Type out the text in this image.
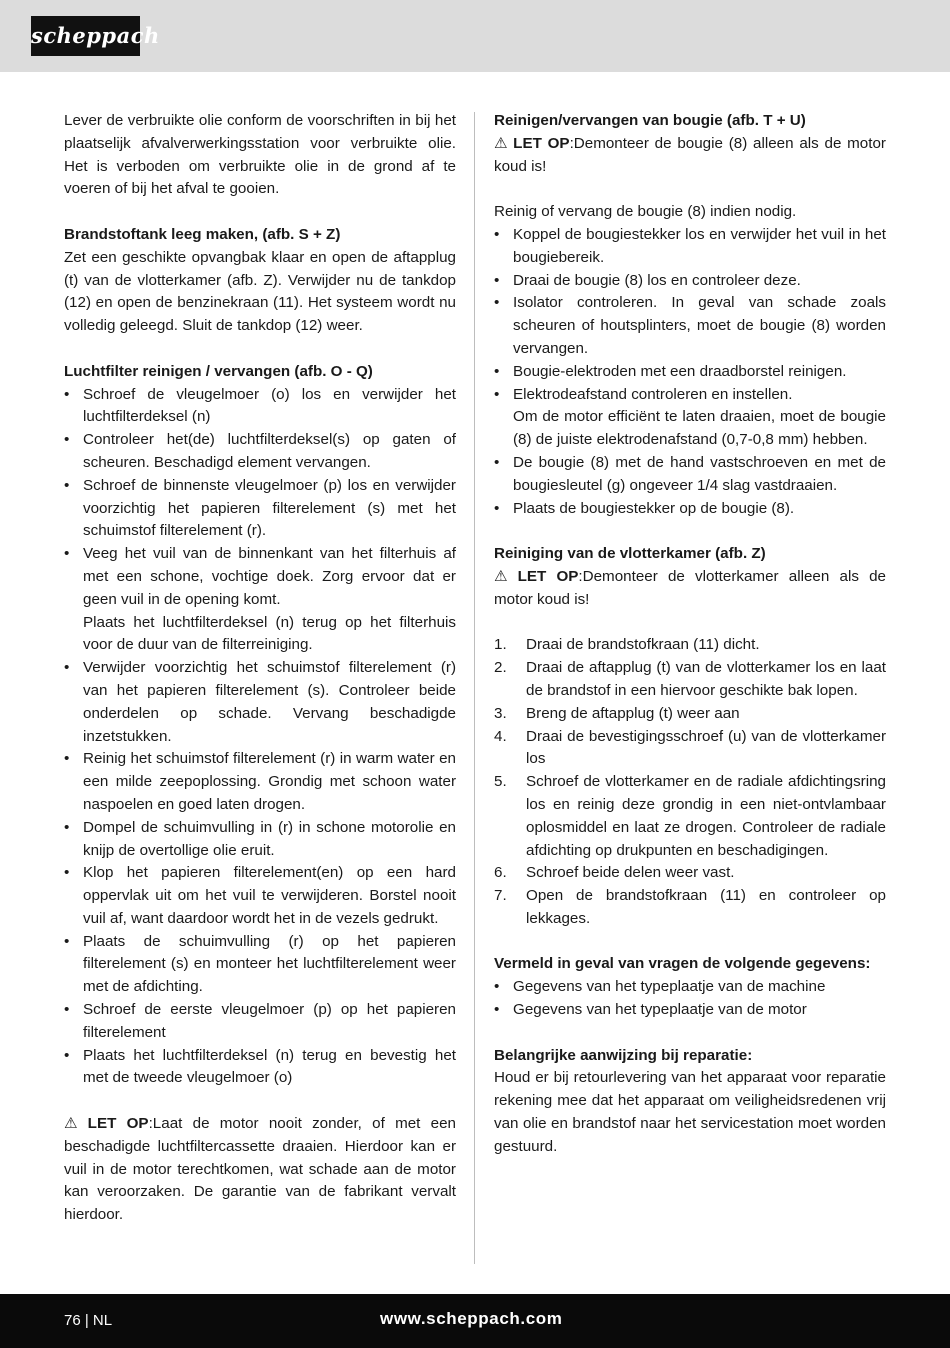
scheppach

Lever de verbruikte olie conform de voorschriften in bij het plaatselijk afvalverwerkingsstation voor verbruikte olie. Het is verboden om verbruikte olie in de grond af te voeren of bij het afval te gooien.

Brandstoftank leeg maken, (afb. S + Z)

Zet een geschikte opvangbak klaar en open de aftapplug (t) van de vlotterkamer (afb. Z). Verwijder nu de tankdop (12) en open de benzinekraan (11). Het systeem wordt nu volledig geleegd. Sluit de tankdop (12) weer.

Luchtfilter reinigen / vervangen (afb. O - Q)
• Schroef de vleugelmoer (o) los en verwijder het luchtfilterdeksel (n)
• Controleer het(de) luchtfilterdeksel(s) op gaten of scheuren. Beschadigd element vervangen.
• Schroef de binnenste vleugelmoer (p) los en verwijder voorzichtig het papieren filterelement (s) met het schuimstof filterelement (r).
• Veeg het vuil van de binnenkant van het filterhuis af met een schone, vochtige doek. Zorg ervoor dat er geen vuil in de opening komt.
Plaats het luchtfilterdeksel (n) terug op het filterhuis voor de duur van de filterreiniging.
• Verwijder voorzichtig het schuimstof filterelement (r) van het papieren filterelement (s). Controleer beide onderdelen op schade. Vervang beschadigde inzetstukken.
• Reinig het schuimstof filterelement (r) in warm water en een milde zeepoplossing. Grondig met schoon water naspoelen en goed laten drogen.
• Dompel de schuimvulling in (r) in schone motorolie en knijp de overtollige olie eruit.
• Klop het papieren filterelement(en) op een hard oppervlak uit om het vuil te verwijderen. Borstel nooit vuil af, want daardoor wordt het in de vezels gedrukt.
• Plaats de schuimvulling (r) op het papieren filterelement (s) en monteer het luchtfilterelement weer met de afdichting.
• Schroef de eerste vleugelmoer (p) op het papieren filterelement
• Plaats het luchtfilterdeksel (n) terug en bevestig het met de tweede vleugelmoer (o)

⚠ LET OP:Laat de motor nooit zonder, of met een beschadigde luchtfiltercassette draaien. Hierdoor kan er vuil in de motor terechtkomen, wat schade aan de motor kan veroorzaken. De garantie van de fabrikant vervalt hierdoor.

Reinigen/vervangen van bougie (afb. T + U)

⚠ LET OP:Demonteer de bougie (8) alleen als de motor koud is!

Reinig of vervang de bougie (8) indien nodig.

• Koppel de bougiestekker los en verwijder het vuil in het bougiebereik.
• Draai de bougie (8) los en controleer deze.
• Isolator controleren. In geval van schade zoals scheuren of houtsplinters, moet de bougie (8) worden vervangen.
• Bougie-elektroden met een draadborstel reinigen.
• Elektrodeafstand controleren en instellen.
Om de motor efficiënt te laten draaien, moet de bougie (8) de juiste elektrodenafstand (0,7-0,8 mm) hebben.
• De bougie (8) met de hand vastschroeven en met de bougiesleutel (g) ongeveer 1/4 slag vastdraaien.
• Plaats de bougiestekker op de bougie (8).
Reiniging van de vlotterkamer (afb. Z)

⚠ LET OP:Demonteer de vlotterkamer alleen als de motor koud is!

1. Draai de brandstofkraan (11) dicht.
2. Draai de aftapplug (t) van de vlotterkamer los en laat de brandstof in een hiervoor geschikte bak lopen.
3. Breng de aftapplug (t) weer aan
4. Draai de bevestigingsschroef (u) van de vlotterkamer los
5. Schroef de vlotterkamer en de radiale afdichtingsring los en reinig deze grondig in een niet-ontvlambaar oplosmiddel en laat ze drogen. Controleer de radiale afdichting op drukpunten en beschadigingen.
6. Schroef beide delen weer vast.
7. Open de brandstofkraan (11) en controleer op lekkages.
Vermeld in geval van vragen de volgende gegevens:
• Gegevens van het typeplaatje van de machine
• Gegevens van het typeplaatje van de motor
Belangrijke aanwijzing bij reparatie:

Houd er bij retourlevering van het apparaat voor reparatie rekening mee dat het apparaat om veiligheidsredenen vrij van olie en brandstof naar het servicestation moet worden gestuurd.

76 | NL	www.scheppach.com
